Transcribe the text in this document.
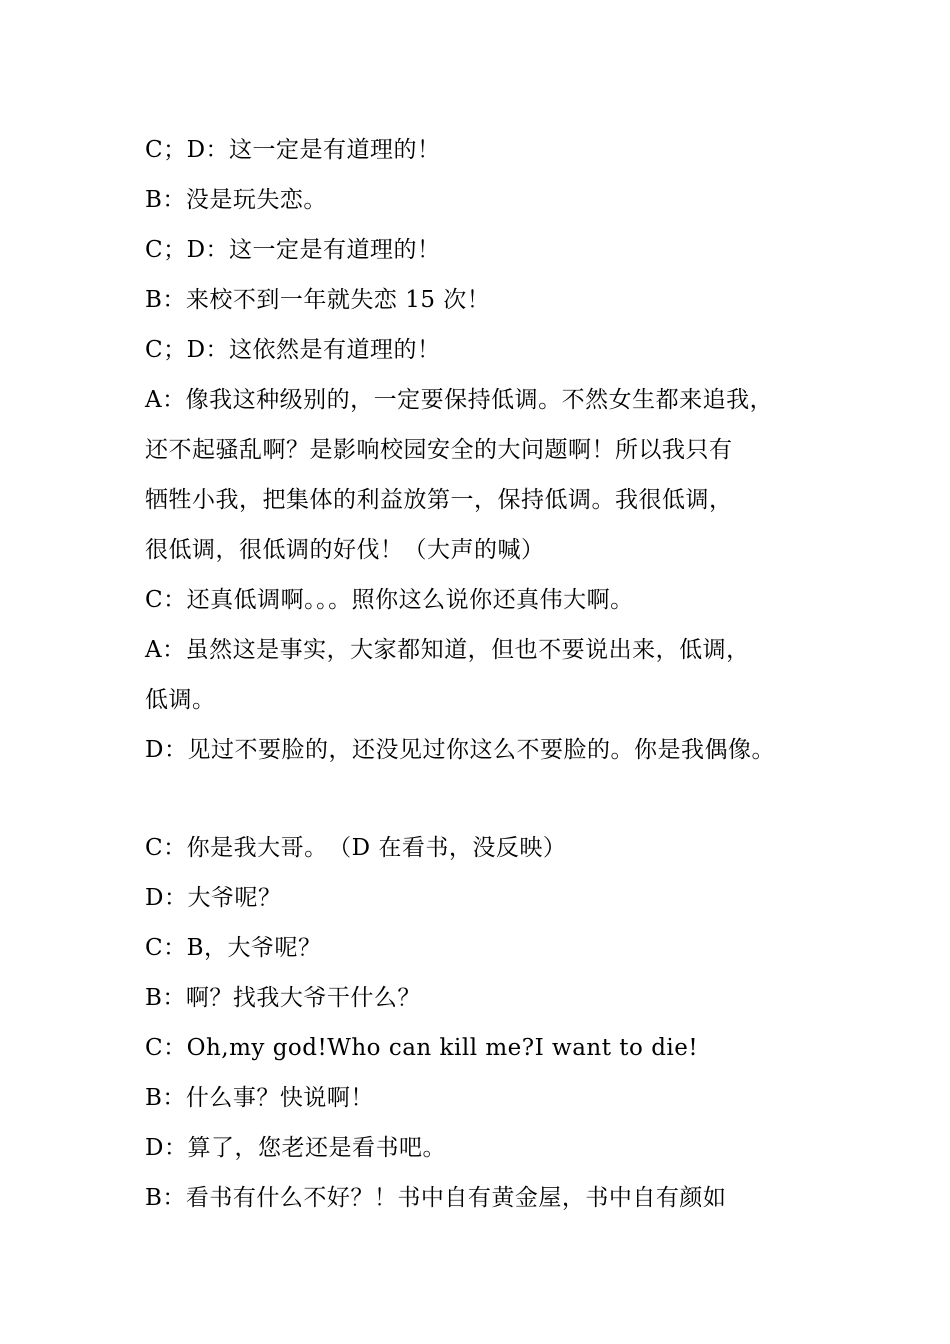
C；D：这一定是有道理的！
B：没是玩失恋。
C；D：这一定是有道理的！
B：来校不到一年就失恋 15 次！
C；D：这依然是有道理的！
A：像我这种级别的，一定要保持低调。不然女生都来追我，
还不起骚乱啊？是影响校园安全的大问题啊！所以我只有
牺牲小我，把集体的利益放第一，保持低调。我很低调，
很低调，很低调的好伐！（大声的喊）
C：还真低调啊。。。照你这么说你还真伟大啊。
A：虽然这是事实，大家都知道，但也不要说出来，低调，
低调。
D：见过不要脸的，还没见过你这么不要脸的。你是我偶像。
C：你是我大哥。　（D 在看书，没反映）
D：大爷呢？
C：B，大爷呢？
B：啊？找我大爷干什么？
C：Oh,my god!Who can kill me?I want to die!
B：什么事？快说啊！
D：算了，您老还是看书吧。
B：看书有什么不好？！书中自有黄金屋，书中自有颜如
